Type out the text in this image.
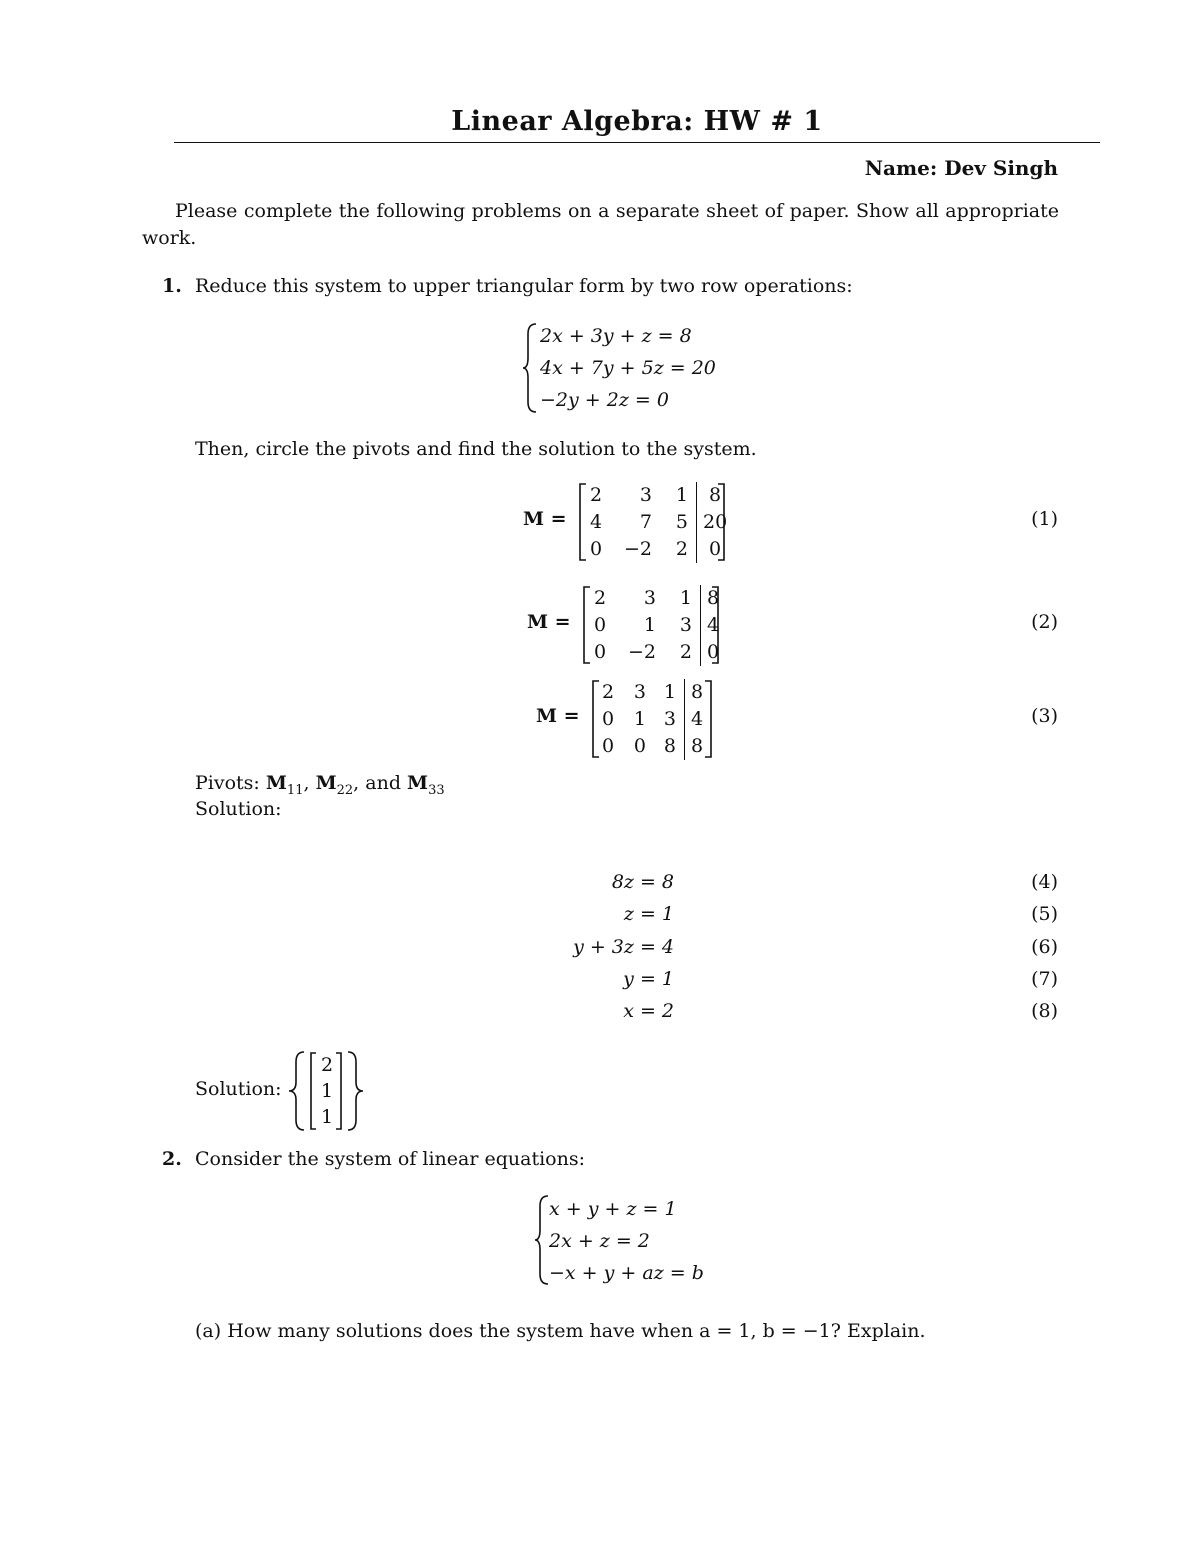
Linear Algebra: HW # 1
Name: Dev Singh
Please complete the following problems on a separate sheet of paper. Show all appropriate work.
1. Reduce this system to upper triangular form by two row operations:
2x + 3y + z = 8
4x + 7y + 5z = 20
−2y + 2z = 0
Then, circle the pivots and find the solution to the system.
M =
2	3	1	8
4	7	5	20
0	−2	2	0
(1)
M =
2	3	1	8
0	1	3	4
0	−2	2	0
(2)
M =
2	3	1	8
0	1	3	4
0	0	8	8
(3)
Pivots: $M_{11}$, $M_{22}$, and $M_{33}$
Solution:
8z = 8	(4)
z = 1	(5)
y + 3z = 4	(6)
y = 1	(7)
x = 2	(8)
Solution:
2
1
1
2. Consider the system of linear equations:
x + y + z = 1
2x + z = 2
−x + y + az = b
(a) How many solutions does the system have when a = 1, b = −1? Explain.
